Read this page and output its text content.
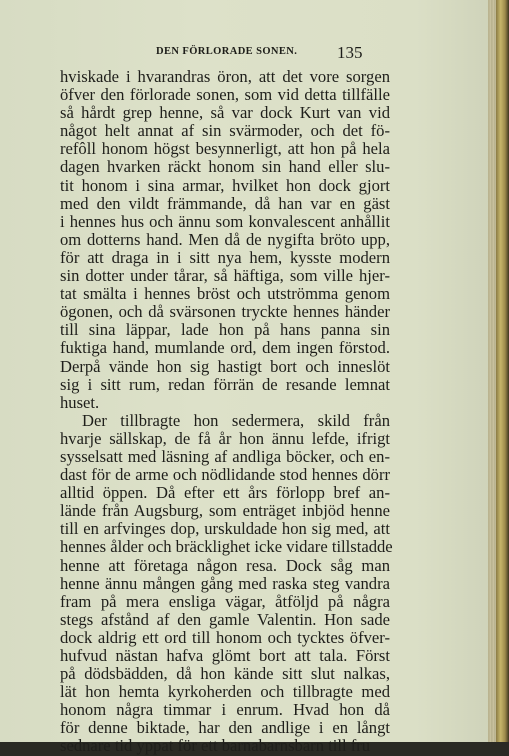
DEN FÖRLORADE SONEN. 135
hviskade i hvarandras öron, att det vore sorgen
öfver den förlorade sonen, som vid detta tillfälle
så hårdt grep henne, så var dock Kurt van vid
något helt annat af sin svärmoder, och det fö-
refôll honom högst besynnerligt, att hon på hela
dagen hvarken räckt honom sin hand eller slu-
tit honom i sina armar, hvilket hon dock gjort
med den vildt främmande, då han var en gäst
i hennes hus och ännu som konvalescent anhållit
om dotterns hand. Men då de nygifta bröto upp,
för att draga in i sitt nya hem, kysste modern
sin dotter under tårar, så häftiga, som ville hjer-
tat smälta i hennes bröst och utströmma genom
ögonen, och då svärsonen tryckte hennes händer
till sina läppar, lade hon på hans panna sin
fuktiga hand, mumlande ord, dem ingen förstod.
Derpå vände hon sig hastigt bort och inneslöt
sig i sitt rum, redan förrän de resande lemnat
huset.
Der tillbragte hon sedermera, skild från
hvarje sällskap, de få år hon ännu lefde, ifrigt
sysselsatt med läsning af andliga böcker, och en-
dast för de arme och nödlidande stod hennes dörr
alltid öppen. Då efter ett års förlopp bref an-
lände från Augsburg, som enträget inbjöd henne
till en arfvinges dop, urskuldade hon sig med, att
hennes ålder och bräcklighet icke vidare tillstadde
henne att företaga någon resa. Dock såg man
henne ännu mången gång med raska steg vandra
fram på mera ensliga vägar, åtföljd på några
stegs afstånd af den gamle Valentin. Hon sade
dock aldrig ett ord till honom och tycktes öfver-
hufvud nästan hafva glömt bort att tala. Först
på dödsbädden, då hon kände sitt slut nalkas,
lät hon hemta kyrkoherden och tillbragte med
honom några timmar i enrum. Hvad hon då
för denne biktade, har den andlige i en långt
sednare tid yppat för ett barnabarnsbarn till fru
